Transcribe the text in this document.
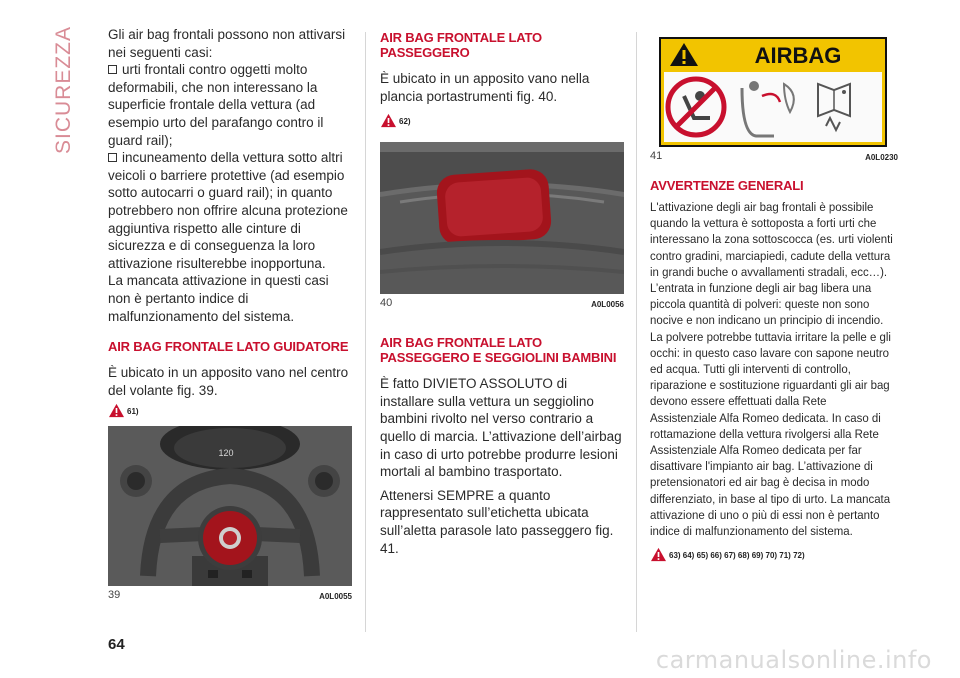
SICUREZZA Gli air bag frontali possono non attivarsi nei seguenti casi:

urti frontali contro oggetti molto deformabili, che non interessano la superficie frontale della vettura (ad esempio urto del parafango contro il guard rail);

incuneamento della vettura sotto altri veicoli o barriere protettive (ad esempio sotto autocarri o guard rail); in quanto potrebbero non offrire alcuna protezione aggiuntiva rispetto alle cinture di sicurezza e di conseguenza la loro attivazione risulterebbe inopportuna.

La mancata attivazione in questi casi non è pertanto indice di malfunzionamento del sistema.

AIR BAG FRONTALE LATO GUIDATORE

È ubicato in un apposito vano nel centro del volante fig. 39.

61)
120
39	A0L0055
AIR BAG FRONTALE LATO PASSEGGERO

È ubicato in un apposito vano nella plancia portastrumenti fig. 40.

62)
40	A0L0056
AIR BAG FRONTALE LATO PASSEGGERO E SEGGIOLINI BAMBINI

È fatto DIVIETO ASSOLUTO di installare sulla vettura un seggiolino bambini rivolto nel verso contrario a quello di marcia. L’attivazione dell’airbag in caso di urto potrebbe produrre lesioni mortali al bambino trasportato.

Attenersi SEMPRE a quanto rappresentato sull’etichetta ubicata sull’aletta parasole lato passeggero fig. 41.

AIRBAG
41	A0L0230
AVVERTENZE GENERALI

L'attivazione degli air bag frontali è possibile quando la vettura è sottoposta a forti urti che interessano la zona sottoscocca (es. urti violenti contro gradini, marciapiedi, cadute della vettura in grandi buche o avvallamenti stradali, ecc…). L’entrata in funzione degli air bag libera una piccola quantità di polveri: queste non sono nocive e non indicano un principio di incendio. La polvere potrebbe tuttavia irritare la pelle e gli occhi: in questo caso lavare con sapone neutro ed acqua. Tutti gli interventi di controllo, riparazione e sostituzione riguardanti gli air bag devono essere effettuati dalla Rete Assistenziale Alfa Romeo dedicata. In caso di rottamazione della vettura rivolgersi alla Rete Assistenziale Alfa Romeo dedicata per far disattivare l'impianto air bag. L’attivazione di pretensionatori ed air bag è decisa in modo differenziato, in base al tipo di urto. La mancata attivazione di uno o più di essi non è pertanto indice di malfunzionamento del sistema.

63) 64) 65) 66) 67) 68) 69) 70) 71) 72)
64
carmanualsonline.info
